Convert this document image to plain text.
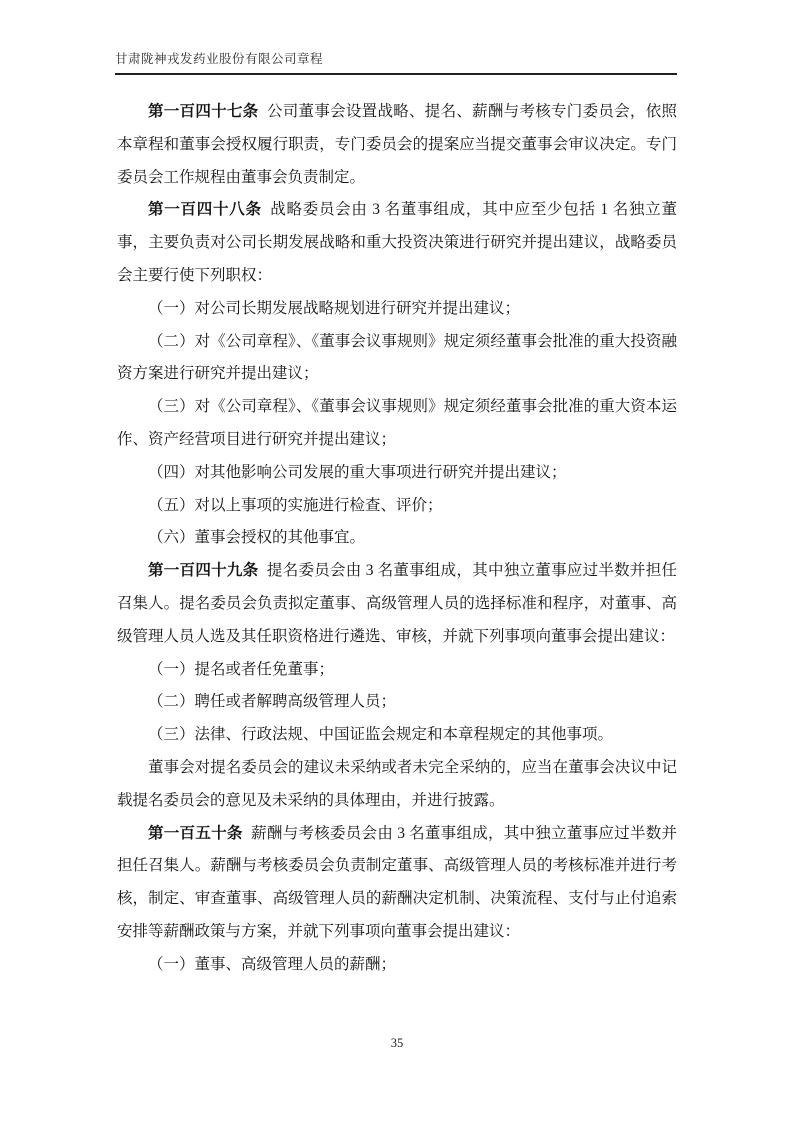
甘肃陇神戎发药业股份有限公司章程

第一百四十七条 公司董事会设置战略、提名、薪酬与考核专门委员会，依照本章程和董事会授权履行职责，专门委员会的提案应当提交董事会审议决定。专门委员会工作规程由董事会负责制定。

第一百四十八条 战略委员会由 3 名董事组成，其中应至少包括 1 名独立董事，主要负责对公司长期发展战略和重大投资决策进行研究并提出建议，战略委员会主要行使下列职权：

（一）对公司长期发展战略规划进行研究并提出建议；

（二）对《公司章程》、《董事会议事规则》规定须经董事会批准的重大投资融资方案进行研究并提出建议；

（三）对《公司章程》、《董事会议事规则》规定须经董事会批准的重大资本运作、资产经营项目进行研究并提出建议；

（四）对其他影响公司发展的重大事项进行研究并提出建议；

（五）对以上事项的实施进行检查、评价；

（六）董事会授权的其他事宜。

第一百四十九条 提名委员会由 3 名董事组成，其中独立董事应过半数并担任召集人。提名委员会负责拟定董事、高级管理人员的选择标准和程序，对董事、高级管理人员人选及其任职资格进行遴选、审核，并就下列事项向董事会提出建议：

（一）提名或者任免董事；

（二）聘任或者解聘高级管理人员；

（三）法律、行政法规、中国证监会规定和本章程规定的其他事项。

董事会对提名委员会的建议未采纳或者未完全采纳的，应当在董事会决议中记载提名委员会的意见及未采纳的具体理由，并进行披露。

第一百五十条 薪酬与考核委员会由 3 名董事组成，其中独立董事应过半数并担任召集人。薪酬与考核委员会负责制定董事、高级管理人员的考核标准并进行考核，制定、审查董事、高级管理人员的薪酬决定机制、决策流程、支付与止付追索安排等薪酬政策与方案，并就下列事项向董事会提出建议：

（一）董事、高级管理人员的薪酬；

35
